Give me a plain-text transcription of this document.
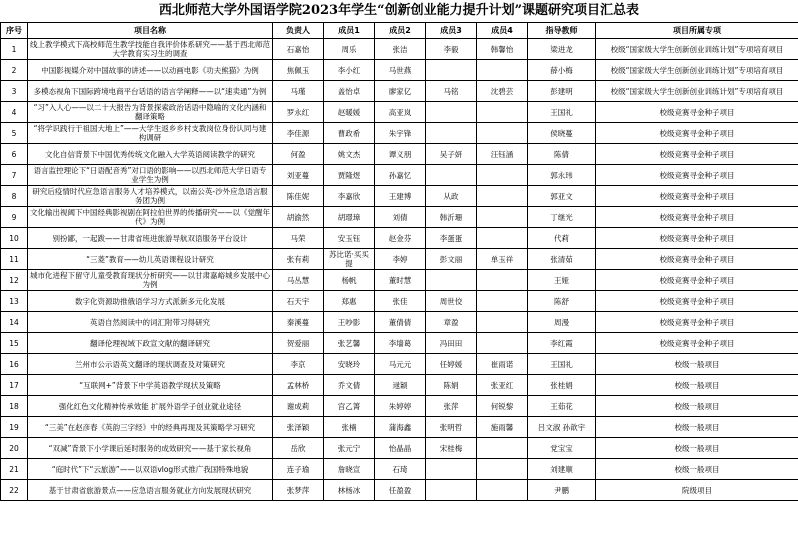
西北师范大学外国语学院2023年学生“创新创业能力提升计划”课题研究项目汇总表
序号	项目名称	负责人	成员1	成员2	成员3	成员4	指导教师	项目所属专项
1	线上教学模式下高校师范生教学技能自我评价体系研究——基于西北师范大学教育实习生的调查	石嘉怡	周乐	张洁	李毅	韩馨怡	梁进龙	校级“国家级大学生创新创业训练计划”专项培育项目
2	中国影视媒介对中国故事的讲述——以动画电影《功夫熊猫》为例	焦佩玉	李小红	马世燕			薛小梅	校级“国家级大学生创新创业训练计划”专项培育项目
3	多模态视角下国际跨境电商平台话语的语言学阐释——以“速卖通”为例	马瑾	盖怡卓	廖家亿	马铭	沈碧芸	彭建明	校级“国家级大学生创新创业训练计划”专项培育项目
4	“习”入人心——以二十大报告为背景探索政治话语中隐喻的文化内涵和翻译策略	罗永红	赵暖媛	高亚岚			王国礼	校级竞赛寻金种子项目
5	“将学识践行于祖国大地上”——大学生返乡乡村支教岗位身份认同与建构调研	李佳源	曹政希	朱宇锋			侯晓蔓	校级竞赛寻金种子项目
6	文化自信背景下中国优秀传统文化融入大学英语阅读教学的研究	何盈	姚文杰	谭义朋	吴子妍	汪钰涵	陈倩	校级竞赛寻金种子项目
7	语言监控理论下“日语配音秀”对口语的影响——以西北师范大学日语专业学生为例	刘亚蔓	贾隆煜	孙嘉忆			郭永玮	校级竞赛寻金种子项目
8	研究后疫情时代应急语言服务人才培养模式，以南公英-沙外应急语言服务团为例	陈佳妮	李嘉欣	王建博	从政		郭亚文	校级竞赛寻金种子项目
9	文化输出视阈下中国经典影视剧在阿拉伯世界的传播研究——以《觉醒年代》为例	胡渝然	胡璟璋	刘倩	韩沂珊		丁继光	校级竞赛寻金种子项目
10	别扮鄙，一起跋——甘肃省班进旅游导航双语服务平台设计	马荣	安玉钰	赵金芬	李蛋蛋		代莉	校级竞赛寻金种子项目
11	“三菱”教育——幼儿英语课程设计研究	张有莉	苏比诺·买买提	李婷	彭文丽	单玉祥	张清茹	校级竞赛寻金种子项目
12	城市化进程下留守儿童受教育现状分析研究——以甘肃嘉峪城乡发展中心为例	马丛慧	杨帆	董时慧			王娅	校级竞赛寻金种子项目
13	数字化资源助推俄语学习方式派新多元化发展	石天宇	郑惠	张佳	周世佼		陈舒	校级竞赛寻金种子项目
14	英语自然阅读中的词汇附带习得研究	秦溪蔓	王吵影	董倩倩	章盈		周漫	校级竞赛寻金种子项目
15	翻译伦理视域下政宣文献的翻译研究	贺爱丽	张艺馨	李墙葛	冯田田		李红霞	校级竞赛寻金种子项目
16	兰州市公示语英文翻译的现状调查及对策研究	李京	安晓玲	马元元	任婷媛	崔雨诺	王国礼	校级一般项目
17	“互联网+”背景下中学英语教学现状及策略	孟林桥	乔文倩	逯颖	陈娟	张亚红	张桂娟	校级一般项目
18	强化红色文化精神传承效能 扩展外语学子创业就业途径	谢成莉	宫乙箐	朱婷婷	张萍	何锐黎	王茹花	校级一般项目
19	“三美”在赵彦春《英韵三字经》中的经典再现及其策略学习研究	张泽颖	张楠	蒲海鑫	张明哲	施雨馨	吕文淑 孙歆宇	校级一般项目
20	“双减”背景下小学课后延时服务的成效研究——基于家长视角	岳欣	张元宁	怡晶晶	宋桂梅		党宝宝	校级一般项目
21	“庭时代”下“云旅游”——以双语vlog形式推广我国特殊地貌	连子瑜	詹晓宣	石琦			刘建顺	校级一般项目
22	基于甘肃省旅游景点——应急语言服务就业方向发展现状研究	张梦萍	林杨冰	任盈盈			尹鹏	院级项目
